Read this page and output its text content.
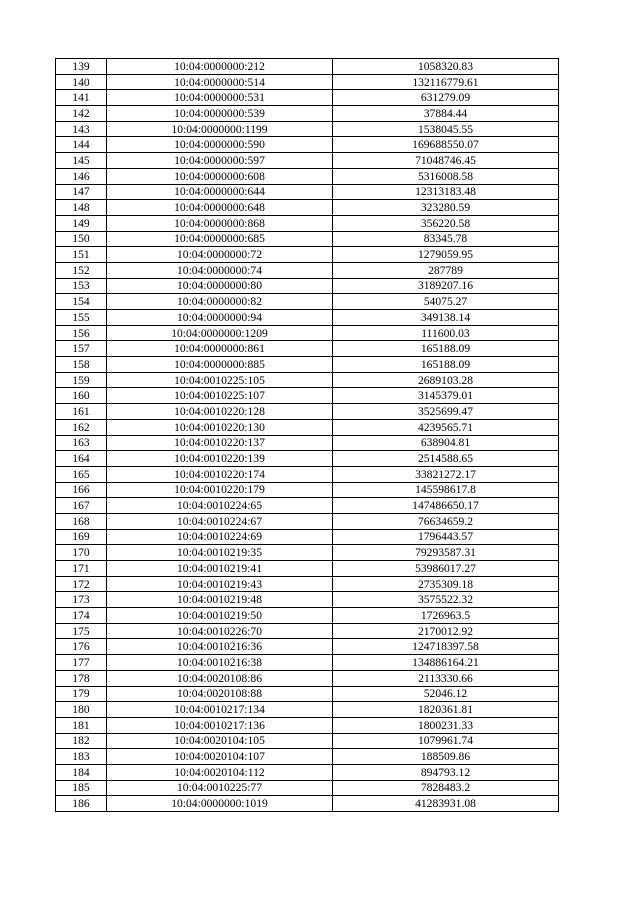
139	10:04:0000000:212	1058320.83
140	10:04:0000000:514	132116779.61
141	10:04:0000000:531	631279.09
142	10:04:0000000:539	37884.44
143	10:04:0000000:1199	1538045.55
144	10:04:0000000:590	169688550.07
145	10:04:0000000:597	71048746.45
146	10:04:0000000:608	5316008.58
147	10:04:0000000:644	12313183.48
148	10:04:0000000:648	323280.59
149	10:04:0000000:868	356220.58
150	10:04:0000000:685	83345.78
151	10:04:0000000:72	1279059.95
152	10:04:0000000:74	287789
153	10:04:0000000:80	3189207.16
154	10:04:0000000:82	54075.27
155	10:04:0000000:94	349138.14
156	10:04:0000000:1209	111600.03
157	10:04:0000000:861	165188.09
158	10:04:0000000:885	165188.09
159	10:04:0010225:105	2689103.28
160	10:04:0010225:107	3145379.01
161	10:04:0010220:128	3525699.47
162	10:04:0010220:130	4239565.71
163	10:04:0010220:137	638904.81
164	10:04:0010220:139	2514588.65
165	10:04:0010220:174	33821272.17
166	10:04:0010220:179	145598617.8
167	10:04:0010224:65	147486650.17
168	10:04:0010224:67	76634659.2
169	10:04:0010224:69	1796443.57
170	10:04:0010219:35	79293587.31
171	10:04:0010219:41	53986017.27
172	10:04:0010219:43	2735309.18
173	10:04:0010219:48	3575522.32
174	10:04:0010219:50	1726963.5
175	10:04:0010226:70	2170012.92
176	10:04:0010216:36	124718397.58
177	10:04:0010216:38	134886164.21
178	10:04:0020108:86	2113330.66
179	10:04:0020108:88	52046.12
180	10:04:0010217:134	1820361.81
181	10:04:0010217:136	1800231.33
182	10:04:0020104:105	1079961.74
183	10:04:0020104:107	188509.86
184	10:04:0020104:112	894793.12
185	10:04:0010225:77	7828483.2
186	10:04:0000000:1019	41283931.08
